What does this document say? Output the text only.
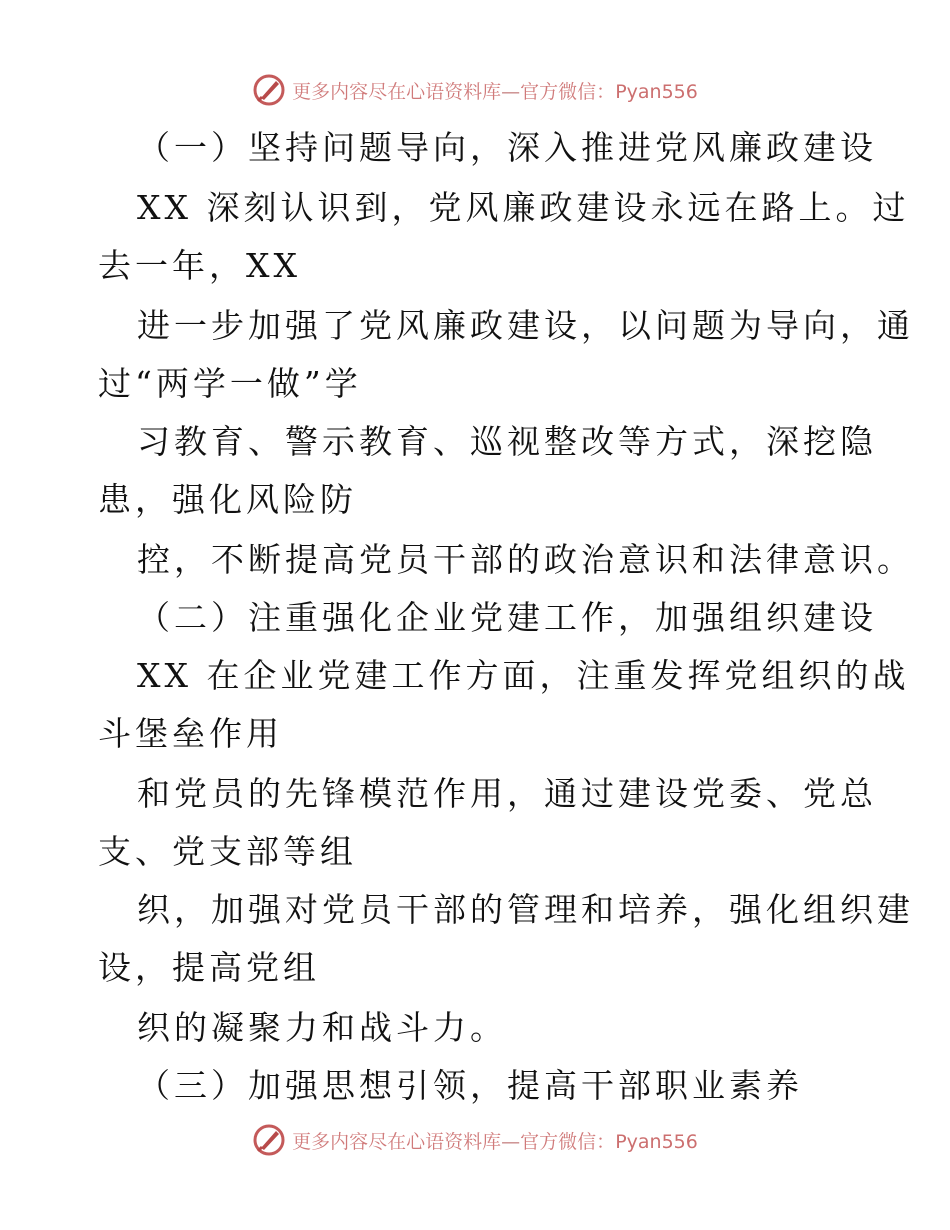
更多内容尽在心语资料库—官方微信：Pyan556
（一）坚持问题导向，深入推进党风廉政建设
XX 深刻认识到，党风廉政建设永远在路上。过
去一年，XX
进一步加强了党风廉政建设，以问题为导向，通
过“两学一做”学
习教育、警示教育、巡视整改等方式，深挖隐
患，强化风险防
控，不断提高党员干部的政治意识和法律意识。
（二）注重强化企业党建工作，加强组织建设
XX 在企业党建工作方面，注重发挥党组织的战
斗堡垒作用
和党员的先锋模范作用，通过建设党委、党总
支、党支部等组
织，加强对党员干部的管理和培养，强化组织建
设，提高党组
织的凝聚力和战斗力。
（三）加强思想引领，提高干部职业素养
更多内容尽在心语资料库—官方微信：Pyan556
